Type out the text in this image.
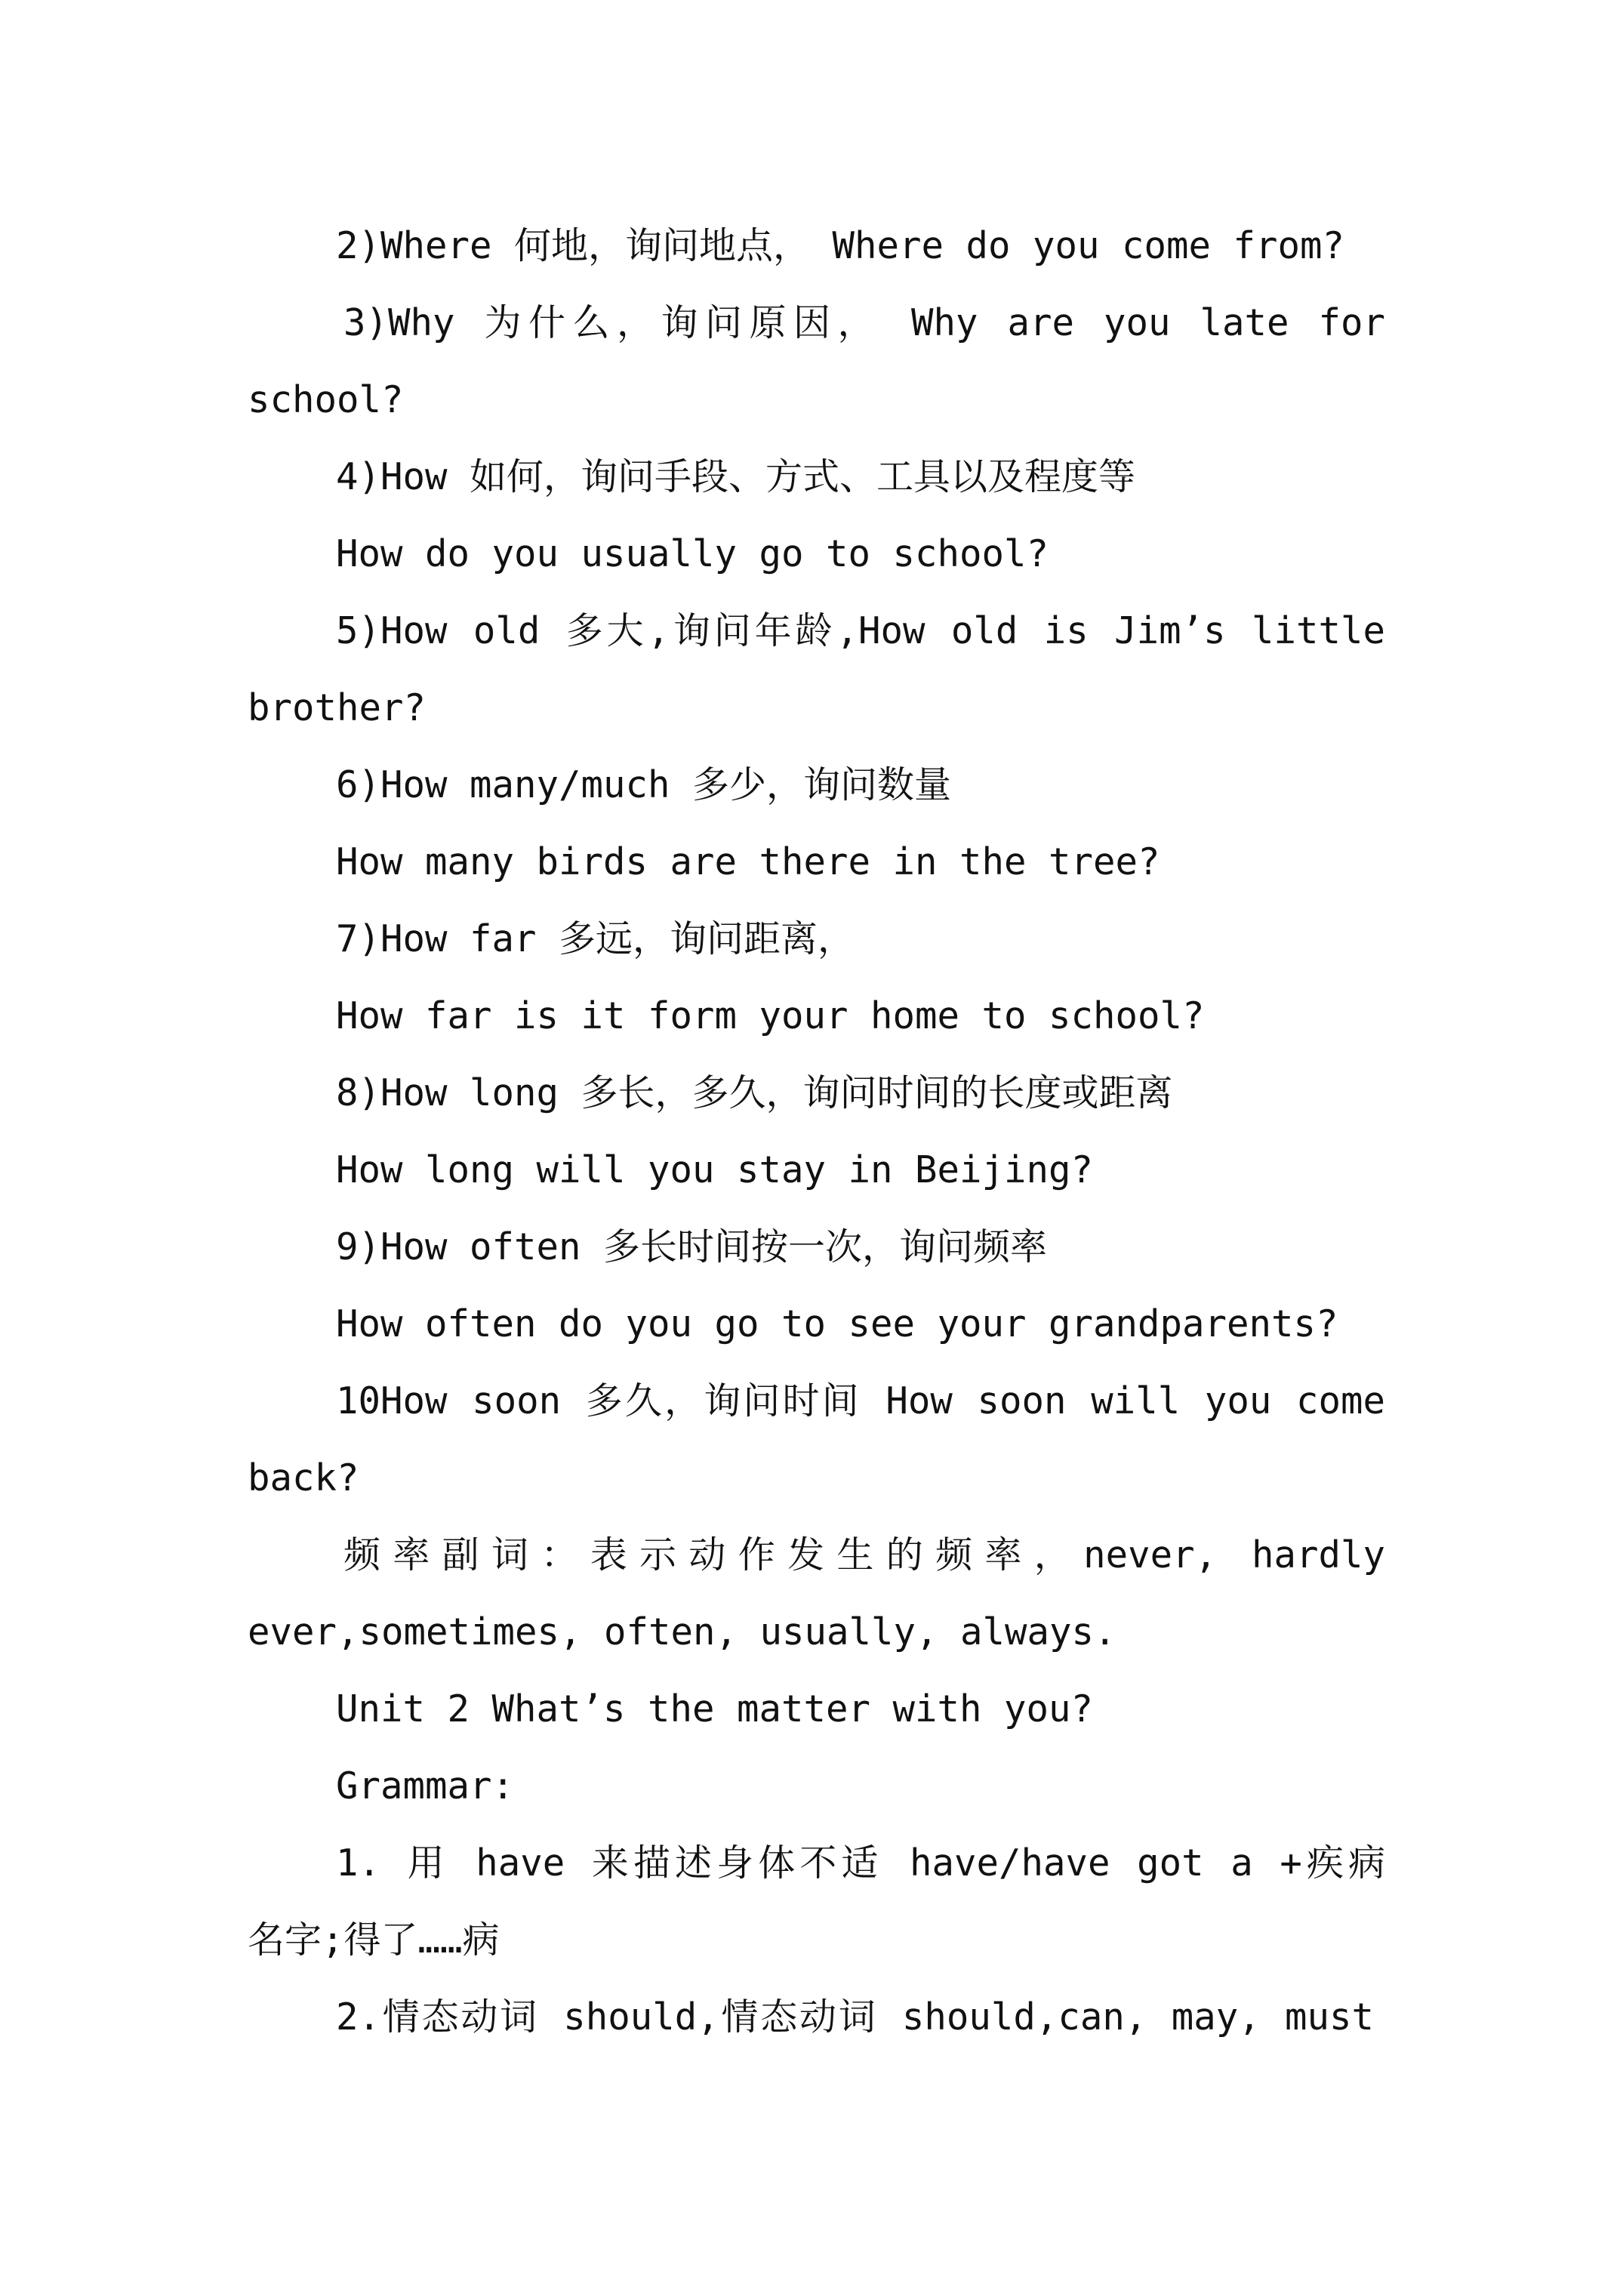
2)Where 何地，询问地点， Where do you come from?
3)Why 为什么，询问原因， Why are you late for
school?
4)How 如何，询问手段、方式、工具以及程度等
How do you usually go to school?
5)How old 多大,询问年龄,How old is Jim’s little
brother?
6)How many/much 多少，询问数量
How many birds are there in the tree?
7)How far 多远，询问距离，
How far is it form your home to school?
8)How long 多长，多久，询问时间的长度或距离
How long will you stay in Beijing?
9)How often 多长时间按一次，询问频率
How often do you go to see your grandparents?
10How soon 多久，询问时间 How soon will you come
back?
频率副词：表示动作发生的频率，never, hardly
ever,sometimes, often, usually, always.
Unit 2 What’s the matter with you?
Grammar:
1. 用 have 来描述身体不适 have/have got a +疾病
名字;得了……病
2.情态动词 should,情态动词 should,can, may, must
